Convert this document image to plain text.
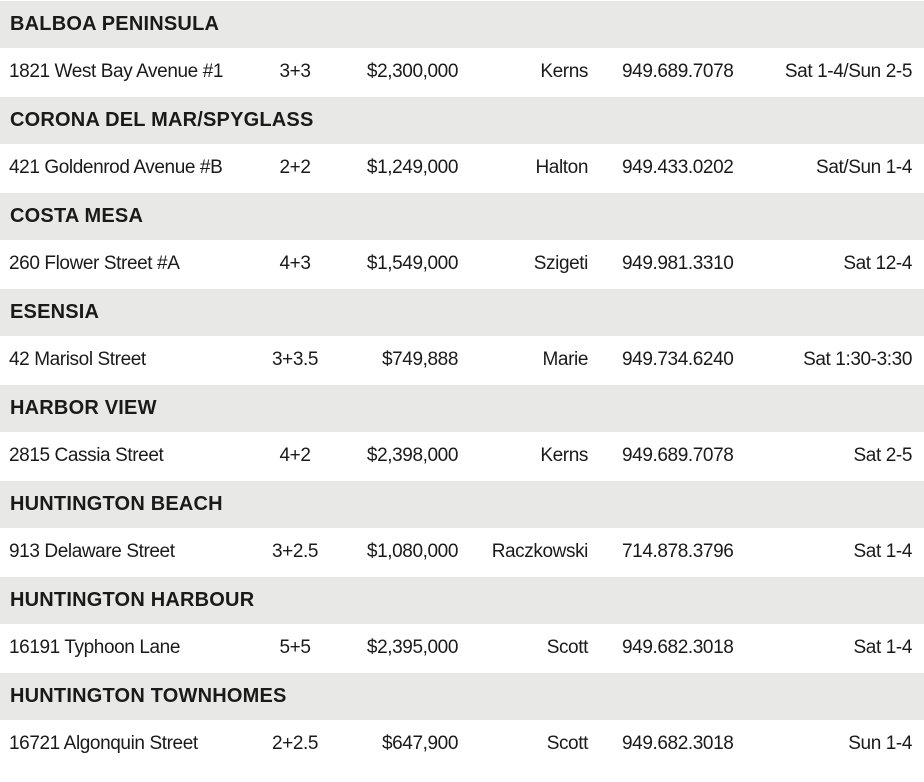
BALBOA PENINSULA
1821 West Bay Avenue #1	3+3	$2,300,000	Kerns 949.689.7078	Sat 1-4/Sun 2-5
CORONA DEL MAR/SPYGLASS
421 Goldenrod Avenue #B	2+2	$1,249,000	Halton 949.433.0202	Sat/Sun 1-4
COSTA MESA
260 Flower Street #A	4+3	$1,549,000	Szigeti 949.981.3310	Sat 12-4
ESENSIA
42 Marisol Street	3+3.5	$749,888	Marie 949.734.6240	Sat 1:30-3:30
HARBOR VIEW
2815 Cassia Street	4+2	$2,398,000	Kerns 949.689.7078	Sat 2-5
HUNTINGTON BEACH
913 Delaware Street	3+2.5	$1,080,000	Raczkowski 714.878.3796	Sat 1-4
HUNTINGTON HARBOUR
16191 Typhoon Lane	5+5	$2,395,000	Scott 949.682.3018	Sat 1-4
HUNTINGTON TOWNHOMES
16721 Algonquin Street	2+2.5	$647,900	Scott 949.682.3018	Sun 1-4
